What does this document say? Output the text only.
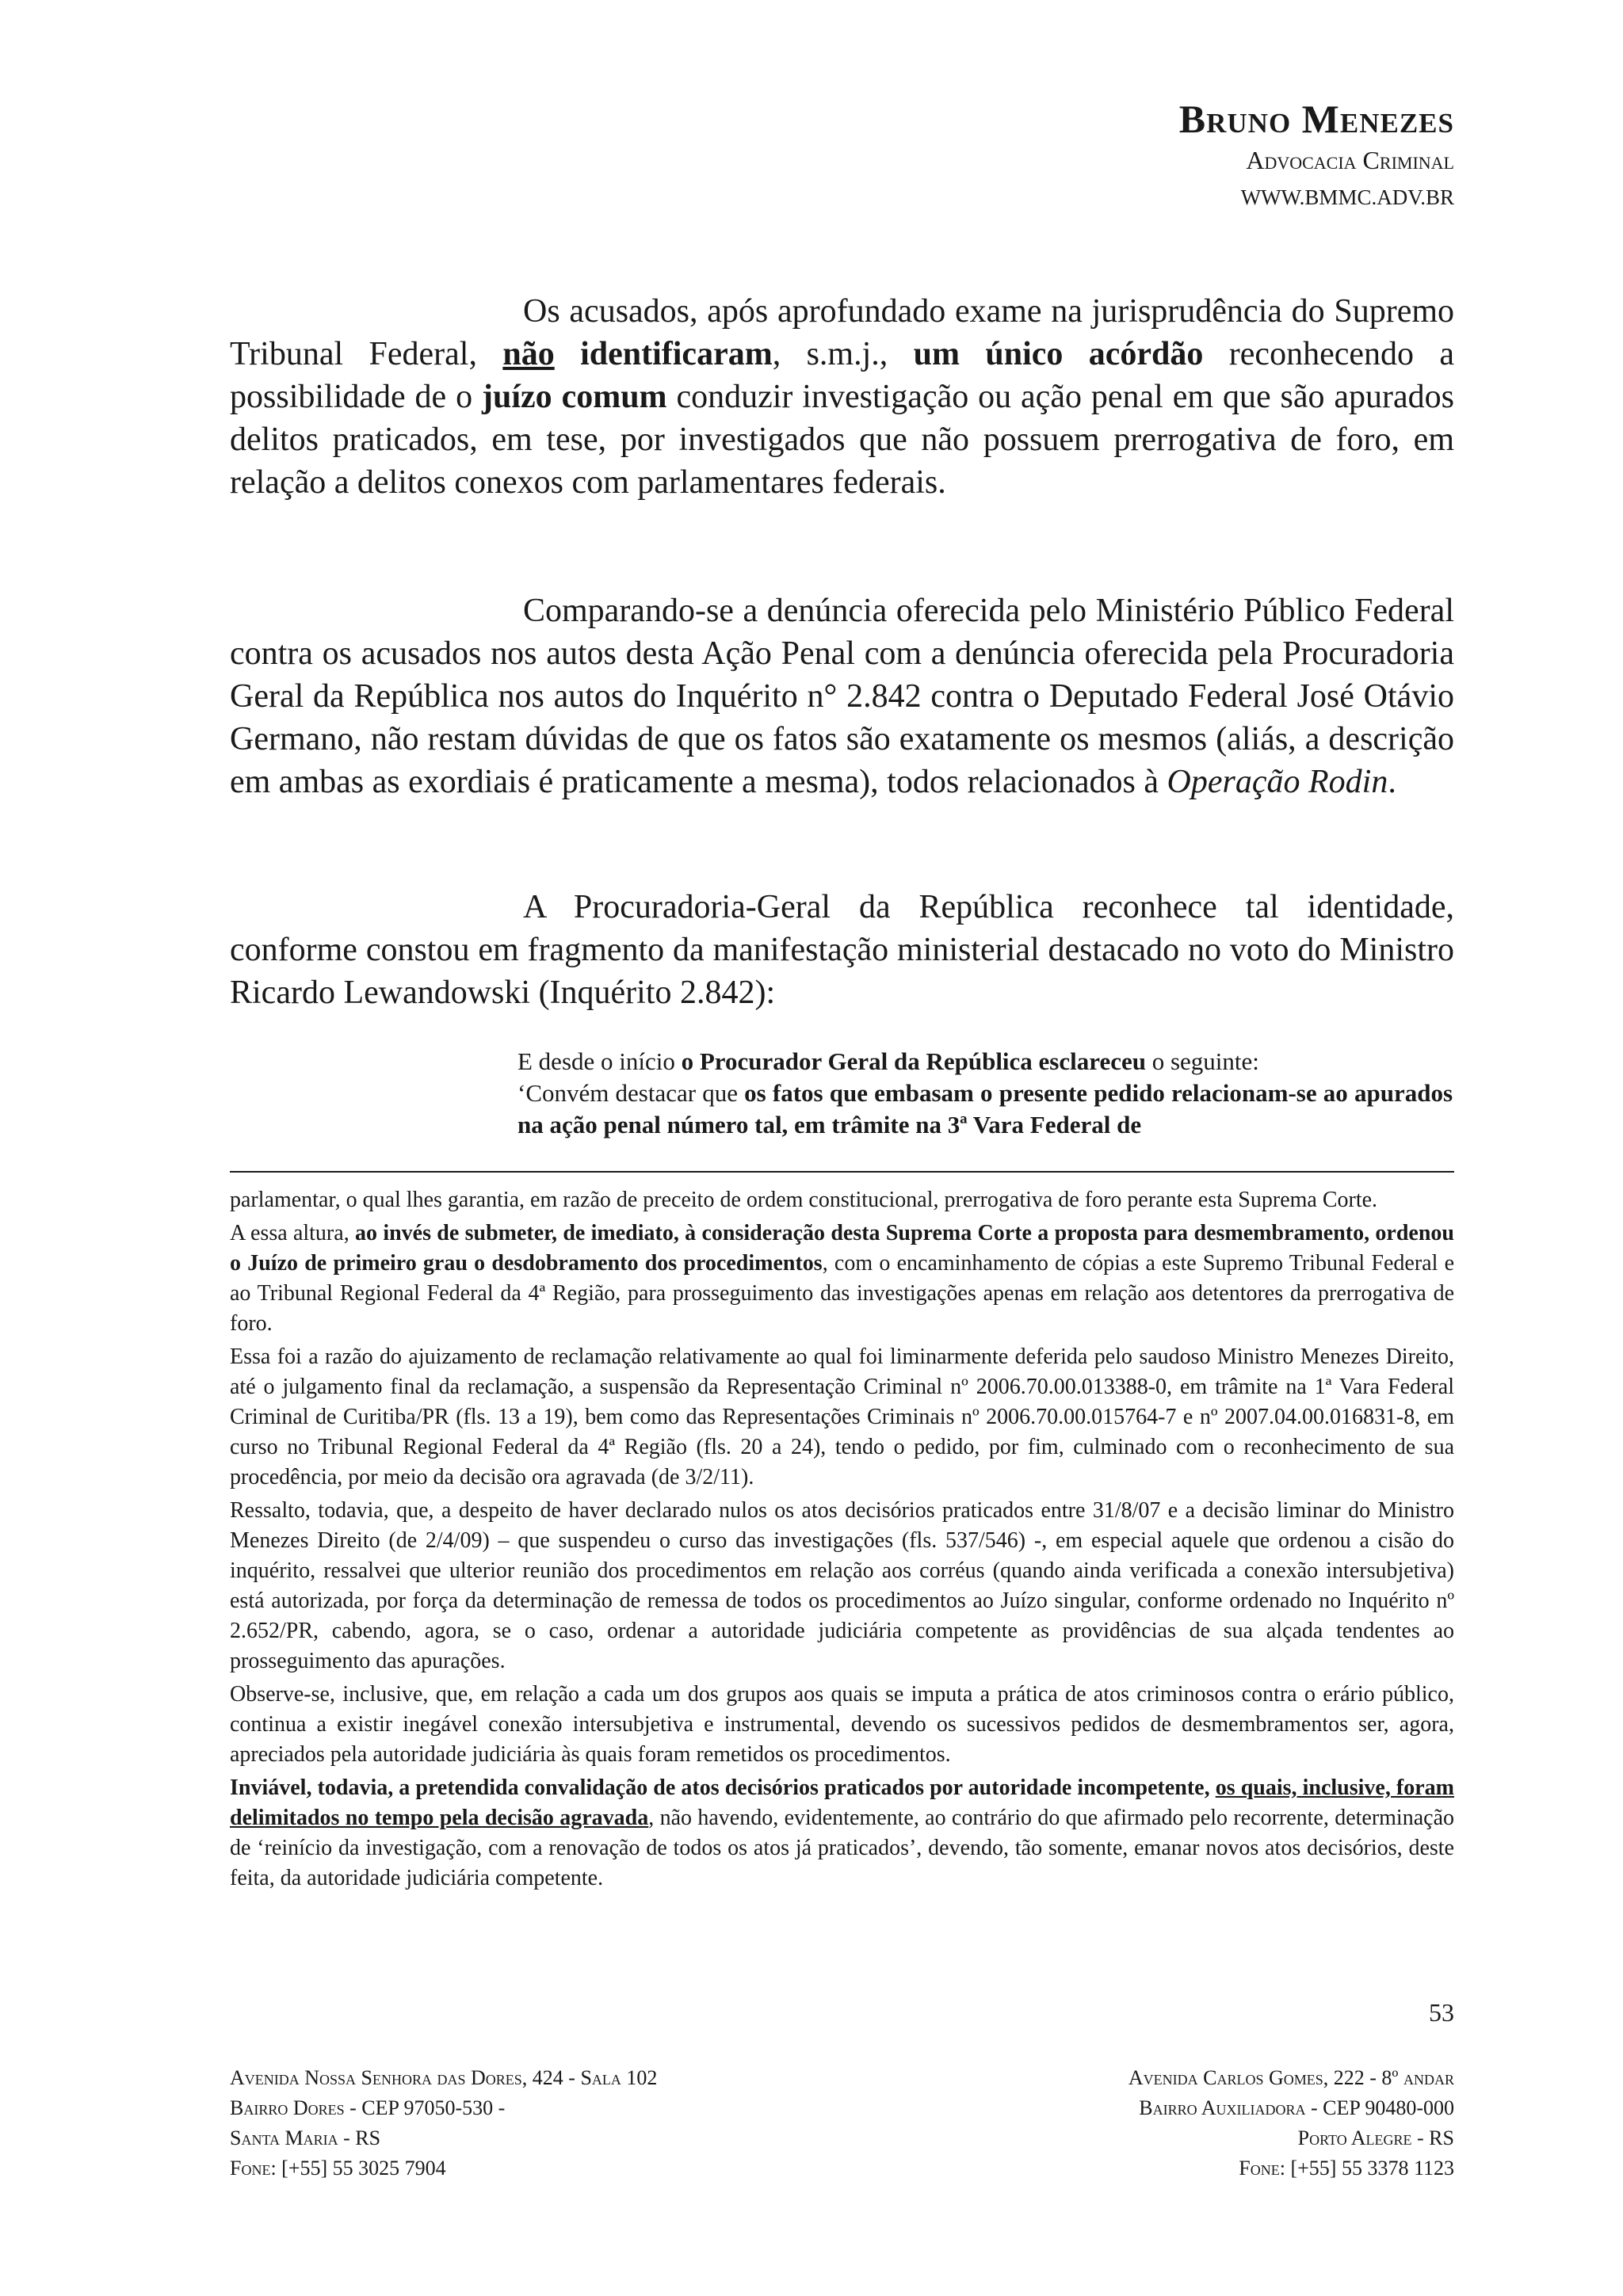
Bruno Menezes
Advocacia Criminal
WWW.BMMC.ADV.BR

Os acusados, após aprofundado exame na jurisprudência do Supremo Tribunal Federal, não identificaram, s.m.j., um único acórdão reconhecendo a possibilidade de o juízo comum conduzir investigação ou ação penal em que são apurados delitos praticados, em tese, por investigados que não possuem prerrogativa de foro, em relação a delitos conexos com parlamentares federais.

Comparando-se a denúncia oferecida pelo Ministério Público Federal contra os acusados nos autos desta Ação Penal com a denúncia oferecida pela Procuradoria Geral da República nos autos do Inquérito n° 2.842 contra o Deputado Federal José Otávio Germano, não restam dúvidas de que os fatos são exatamente os mesmos (aliás, a descrição em ambas as exordiais é praticamente a mesma), todos relacionados à Operação Rodin.

A Procuradoria-Geral da República reconhece tal identidade, conforme constou em fragmento da manifestação ministerial destacado no voto do Ministro Ricardo Lewandowski (Inquérito 2.842):

E desde o início o Procurador Geral da República esclareceu o seguinte:

‘Convém destacar que os fatos que embasam o presente pedido relacionam-se ao apurados na ação penal número tal, em trâmite na 3ª Vara Federal de

parlamentar, o qual lhes garantia, em razão de preceito de ordem constitucional, prerrogativa de foro perante esta Suprema Corte.

A essa altura, ao invés de submeter, de imediato, à consideração desta Suprema Corte a proposta para desmembramento, ordenou o Juízo de primeiro grau o desdobramento dos procedimentos, com o encaminhamento de cópias a este Supremo Tribunal Federal e ao Tribunal Regional Federal da 4ª Região, para prosseguimento das investigações apenas em relação aos detentores da prerrogativa de foro.

Essa foi a razão do ajuizamento de reclamação relativamente ao qual foi liminarmente deferida pelo saudoso Ministro Menezes Direito, até o julgamento final da reclamação, a suspensão da Representação Criminal nº 2006.70.00.013388-0, em trâmite na 1ª Vara Federal Criminal de Curitiba/PR (fls. 13 a 19), bem como das Representações Criminais nº 2006.70.00.015764-7 e nº 2007.04.00.016831-8, em curso no Tribunal Regional Federal da 4ª Região (fls. 20 a 24), tendo o pedido, por fim, culminado com o reconhecimento de sua procedência, por meio da decisão ora agravada (de 3/2/11).

Ressalto, todavia, que, a despeito de haver declarado nulos os atos decisórios praticados entre 31/8/07 e a decisão liminar do Ministro Menezes Direito (de 2/4/09) – que suspendeu o curso das investigações (fls. 537/546) -, em especial aquele que ordenou a cisão do inquérito, ressalvei que ulterior reunião dos procedimentos em relação aos corréus (quando ainda verificada a conexão intersubjetiva) está autorizada, por força da determinação de remessa de todos os procedimentos ao Juízo singular, conforme ordenado no Inquérito nº 2.652/PR, cabendo, agora, se o caso, ordenar a autoridade judiciária competente as providências de sua alçada tendentes ao prosseguimento das apurações.

Observe-se, inclusive, que, em relação a cada um dos grupos aos quais se imputa a prática de atos criminosos contra o erário público, continua a existir inegável conexão intersubjetiva e instrumental, devendo os sucessivos pedidos de desmembramentos ser, agora, apreciados pela autoridade judiciária às quais foram remetidos os procedimentos.

Inviável, todavia, a pretendida convalidação de atos decisórios praticados por autoridade incompetente, os quais, inclusive, foram delimitados no tempo pela decisão agravada, não havendo, evidentemente, ao contrário do que afirmado pelo recorrente, determinação de ‘reinício da investigação, com a renovação de todos os atos já praticados’, devendo, tão somente, emanar novos atos decisórios, deste feita, da autoridade judiciária competente.

53
Avenida Nossa Senhora das Dores, 424 - Sala 102
Bairro Dores - CEP 97050-530 -
Santa Maria - RS
Fone: [+55] 55 3025 7904
Avenida Carlos Gomes, 222 - 8º andar
Bairro Auxiliadora - CEP 90480-000
Porto Alegre - RS
Fone: [+55] 55 3378 1123
